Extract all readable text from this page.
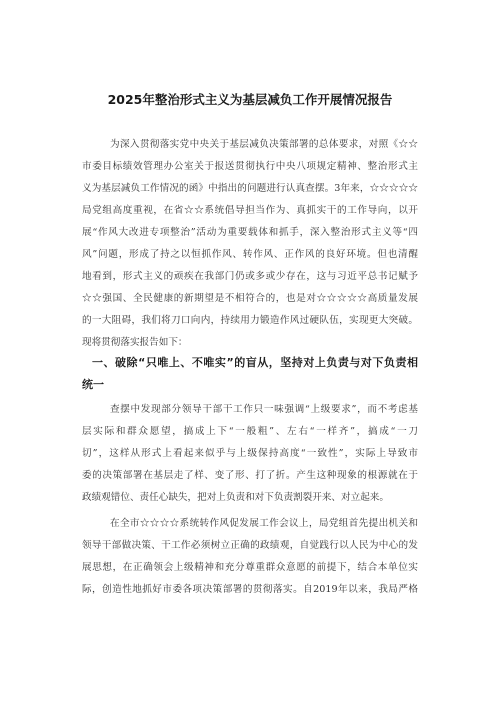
2025年整治形式主义为基层减负工作开展情况报告
为深入贯彻落实党中央关于基层减负决策部署的总体要求，对照《☆☆
市委目标绩效管理办公室关于报送贯彻执行中央八项规定精神、整治形式主
义为基层减负工作情况的函》中指出的问题进行认真查摆。3年来，☆☆☆☆☆
局党组高度重视，在省☆☆系统倡导担当作为、真抓实干的工作导向，以开
展“作风大改进专项整治”活动为重要载体和抓手，深入整治形式主义等“四
风”问题，形成了持之以恒抓作风、转作风、正作风的良好环境。但也清醒
地看到，形式主义的顽疾在我部门仍或多或少存在，这与习近平总书记赋予
☆☆强国、全民健康的新期望是不相符合的，也是对☆☆☆☆☆高质量发展
的一大阻碍，我们将刀口向内，持续用力锻造作风过硬队伍，实现更大突破。
现将贯彻落实报告如下：
一、破除“只唯上、不唯实”的盲从，坚持对上负责与对下负责相
统一
查摆中发现部分领导干部干工作只一味强调“上级要求”，而不考虑基
层实际和群众愿望，搞成上下“一般粗”、左右“一样齐”，搞成“一刀
切”，这样从形式上看起来似乎与上级保持高度“一致性”，实际上导致市
委的决策部署在基层走了样、变了形、打了折。产生这种现象的根源就在于
政绩观错位、责任心缺失，把对上负责和对下负责割裂开来、对立起来。
在全市☆☆☆☆系统转作风促发展工作会议上，局党组首先提出机关和
领导干部做决策、干工作必须树立正确的政绩观，自觉践行以人民为中心的发
展思想，在正确领会上级精神和充分尊重群众意愿的前提下，结合本单位实
际，创造性地抓好市委各项决策部署的贯彻落实。自2019年以来，我局严格
